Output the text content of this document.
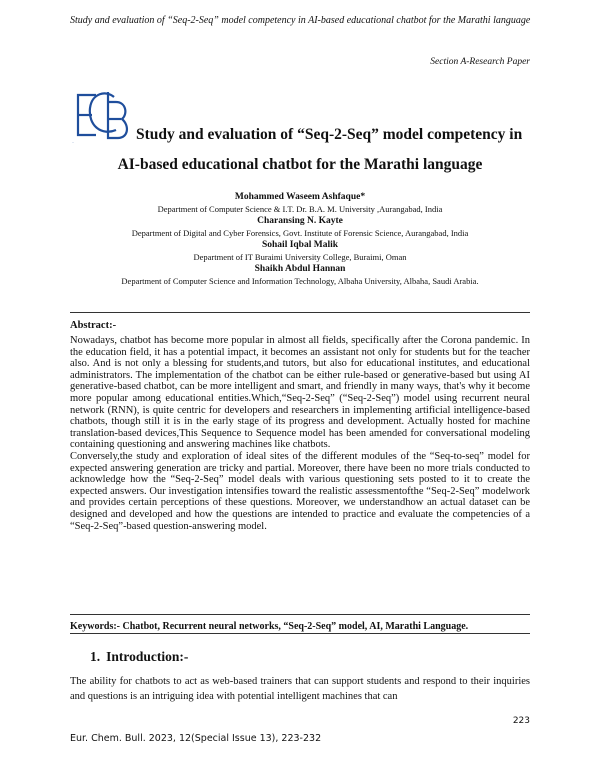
Study and evaluation of “Seq-2-Seq” model competency in AI-based educational chatbot for the Marathi language
Section A-Research Paper
ECB
Study and evaluation of “Seq-2-Seq” model competency in
AI-based educational chatbot for the Marathi language
Mohammed Waseem Ashfaque*
Department of Computer Science & I.T. Dr. B.A. M. University ,Aurangabad, India
Charansing N. Kayte
Department of Digital and Cyber Forensics, Govt. Institute of Forensic Science, Aurangabad, India
Sohail Iqbal Malik
Department of IT Buraimi University College, Buraimi, Oman
Shaikh Abdul Hannan
Department of Computer Science and Information Technology, Albaha University, Albaha, Saudi Arabia.
Abstract:-

Nowadays, chatbot has become more popular in almost all fields, specifically after the Corona pandemic. In the education field, it has a potential impact, it becomes an assistant not only for students but for the teacher also. And is not only a blessing for students,and tutors, but also for educational institutes, and educational administrators. The implementation of the chatbot can be either rule-based or generative-based but using AI generative-based chatbot, can be more intelligent and smart, and friendly in many ways, that's why it become more popular among educational entities.Which,“Seq-2-Seq” (“Seq-2-Seq”) model using recurrent neural network (RNN), is quite centric for developers and researchers in implementing artificial intelligence-based chatbots, though still it is in the early stage of its progress and development. Actually hosted for machine translation-based devices,This Sequence to Sequence model has been amended for conversational modeling containing questioning and answering machines like chatbots.

Conversely,the study and exploration of ideal sites of the different modules of the “Seq-to-seq” model for expected answering generation are tricky and partial. Moreover, there have been no more trials conducted to acknowledge how the “Seq-2-Seq” model deals with various questioning sets posted to it to create the expected answers. Our investigation intensifies toward the realistic assessmentofthe “Seq-2-Seq” modelwork and provides certain perceptions of these questions. Moreover, we understandhow an actual dataset can be designed and developed and how the questions are intended to practice and evaluate the competencies of a “Seq-2-Seq”-based question-answering model.

Keywords:- Chatbot, Recurrent neural networks, “Seq-2-Seq” model, AI, Marathi Language.
1. Introduction:-
The ability for chatbots to act as web-based trainers that can support students and respond to their inquiries and questions is an intriguing idea with potential intelligent machines that can
223
Eur. Chem. Bull. 2023, 12(Special Issue 13), 223-232
